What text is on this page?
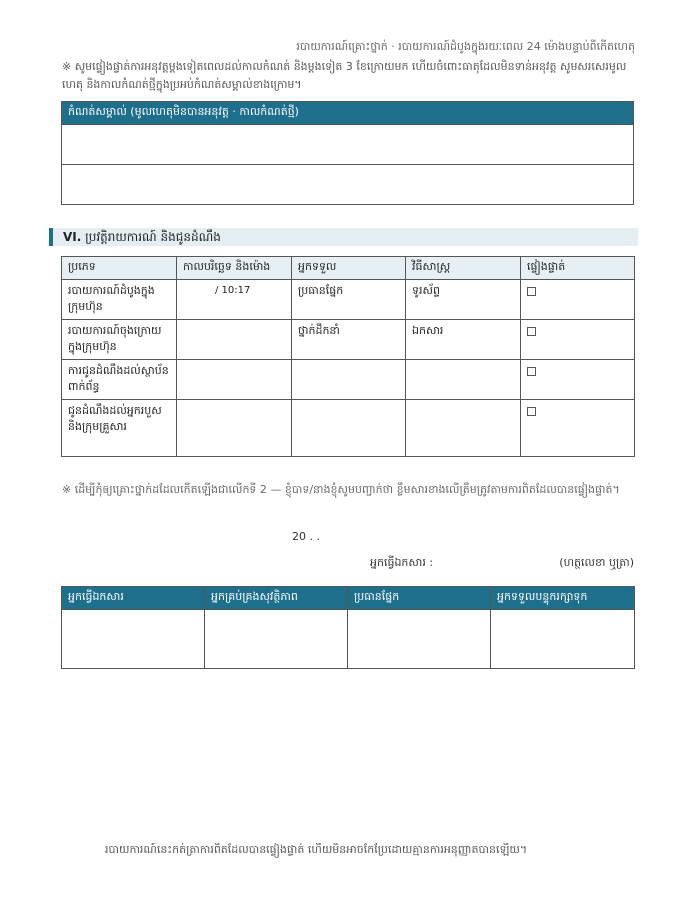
របាយការណ៍គ្រោះថ្នាក់ · របាយការណ៍ដំបូងក្នុងរយៈពេល 24 ម៉ោងបន្ទាប់ពីកើតហេតុ
※ សូមផ្ទៀងផ្ទាត់ការអនុវត្តម្ដងទៀតពេលដល់កាលកំណត់ និងម្ដងទៀត 3 ខែក្រោយមក ហើយចំពោះធាតុដែលមិនទាន់អនុវត្ត សូមសរសេរមូលហេតុ និងកាលកំណត់ថ្មីក្នុងប្រអប់កំណត់សម្គាល់ខាងក្រោម។
កំណត់សម្គាល់ (មូលហេតុមិនបានអនុវត្ត · កាលកំណត់ថ្មី)

VI. ប្រវត្តិរាយការណ៍ និងជូនដំណឹង
ប្រភេទ	កាលបរិច្ឆេទ និងម៉ោង	អ្នកទទួល	វិធីសាស្ត្រ	ផ្ទៀងផ្ទាត់
របាយការណ៍ដំបូងក្នុងក្រុមហ៊ុន	/ 10:17	ប្រធានផ្នែក	ទូរស័ព្ទ	
របាយការណ៍ចុងក្រោយក្នុងក្រុមហ៊ុន		ថ្នាក់ដឹកនាំ	ឯកសារ	
ការជូនដំណឹងដល់ស្ថាប័នពាក់ព័ន្ធ				
ជូនដំណឹងដល់អ្នករបួស និងក្រុមគ្រួសារ				
※ ដើម្បីកុំឲ្យគ្រោះថ្នាក់ដដែលកើតឡើងជាលើកទី 2 — ខ្ញុំបាទ/នាងខ្ញុំសូមបញ្ជាក់ថា ខ្លឹមសារខាងលើត្រឹមត្រូវតាមការពិតដែលបានផ្ទៀងផ្ទាត់។
20 . .
អ្នកធ្វើឯកសារ :	(ហត្ថលេខា ឬត្រា)
អ្នកធ្វើឯកសារ	អ្នកគ្រប់គ្រងសុវត្ថិភាព	ប្រធានផ្នែក	អ្នកទទួលបន្ទុករក្សាទុក

របាយការណ៍នេះកត់ត្រាការពិតដែលបានផ្ទៀងផ្ទាត់ ហើយមិនអាចកែប្រែដោយគ្មានការអនុញ្ញាតបានឡើយ។
